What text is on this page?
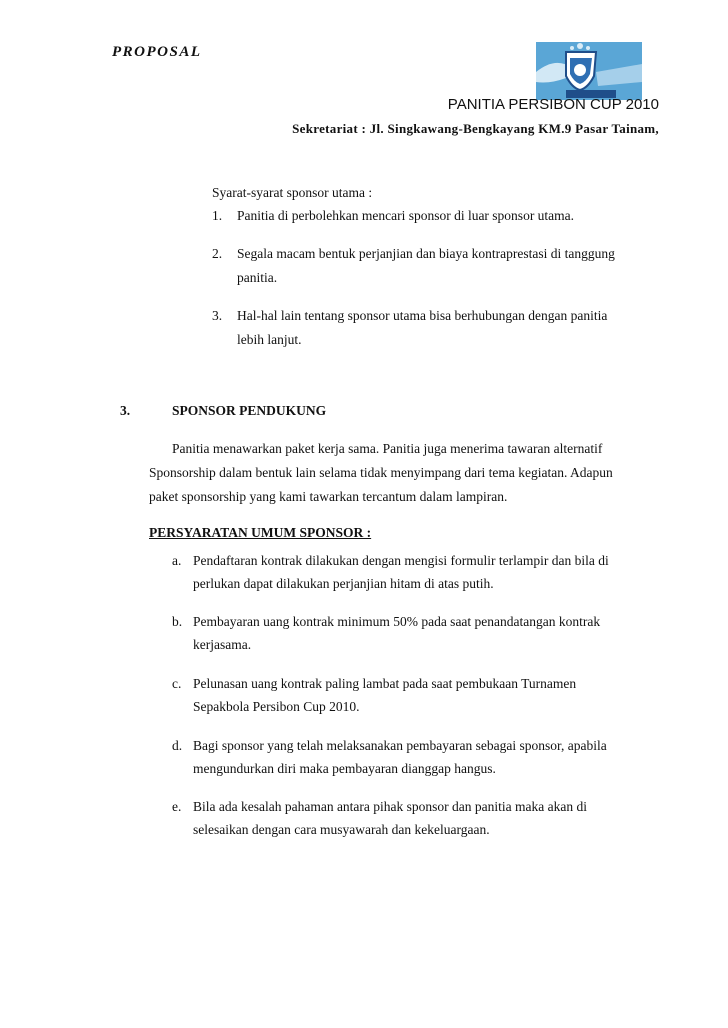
PROPOSAL
PANITIA PERSIBON CUP 2010
Sekretariat : Jl. Singkawang-Bengkayang KM.9 Pasar Tainam,
Syarat-syarat sponsor utama :
1.	Panitia di perbolehkan mencari sponsor di luar sponsor utama.
2.	Segala macam bentuk perjanjian dan biaya kontraprestasi di tanggung
panitia.
3.	Hal-hal lain tentang sponsor utama bisa berhubungan dengan panitia
lebih lanjut.
3.	SPONSOR PENDUKUNG
Panitia menawarkan paket kerja sama. Panitia juga menerima tawaran alternatif
Sponsorship dalam bentuk lain selama tidak menyimpang dari tema kegiatan. Adapun
paket sponsorship yang kami tawarkan tercantum dalam lampiran.
PERSYARATAN UMUM SPONSOR :
a. Pendaftaran kontrak dilakukan dengan mengisi formulir terlampir dan bila di
perlukan dapat dilakukan perjanjian hitam di atas putih.
b. Pembayaran uang kontrak minimum 50% pada saat penandatangan kontrak
kerjasama.
c. Pelunasan uang kontrak paling lambat pada saat pembukaan Turnamen
Sepakbola Persibon Cup 2010.
d. Bagi sponsor yang telah melaksanakan pembayaran sebagai sponsor, apabila
mengundurkan diri maka pembayaran dianggap hangus.
e. Bila ada kesalah pahaman antara pihak sponsor dan panitia maka akan di
selesaikan dengan cara musyawarah dan kekeluargaan.
